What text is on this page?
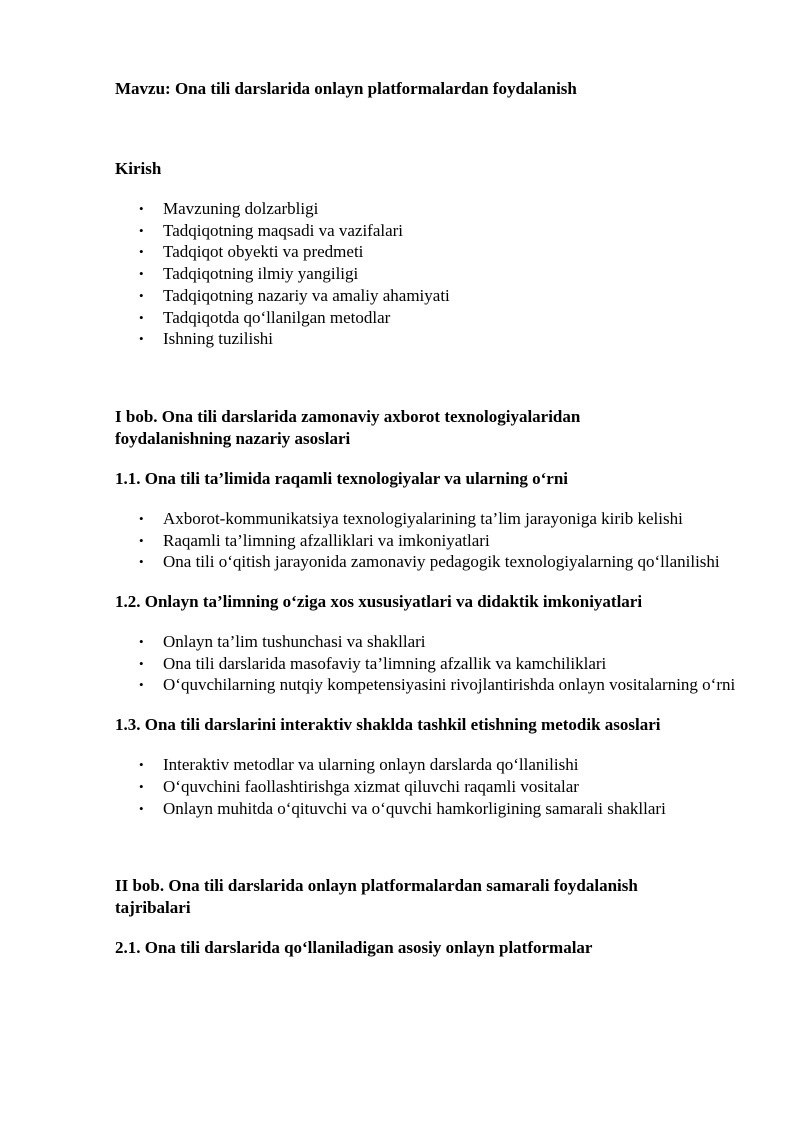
Mavzu: Ona tili darslarida onlayn platformalardan foydalanish

Kirish

• Mavzuning dolzarbligi
• Tadqiqotning maqsadi va vazifalari
• Tadqiqot obyekti va predmeti
• Tadqiqotning ilmiy yangiligi
• Tadqiqotning nazariy va amaliy ahamiyati
• Tadqiqotda qo‘llanilgan metodlar
• Ishning tuzilishi

I bob. Ona tili darslarida zamonaviy axborot texnologiyalaridan foydalanishning nazariy asoslari

1.1. Ona tili ta’limida raqamli texnologiyalar va ularning o‘rni

• Axborot-kommunikatsiya texnologiyalarining ta’lim jarayoniga kirib kelishi
• Raqamli ta’limning afzalliklari va imkoniyatlari
• Ona tili o‘qitish jarayonida zamonaviy pedagogik texnologiyalarning qo‘llanilishi

1.2. Onlayn ta’limning o‘ziga xos xususiyatlari va didaktik imkoniyatlari

• Onlayn ta’lim tushunchasi va shakllari
• Ona tili darslarida masofaviy ta’limning afzallik va kamchiliklari
• O‘quvchilarning nutqiy kompetensiyasini rivojlantirishda onlayn vositalarning o‘rni

1.3. Ona tili darslarini interaktiv shaklda tashkil etishning metodik asoslari

• Interaktiv metodlar va ularning onlayn darslarda qo‘llanilishi
• O‘quvchini faollashtirishga xizmat qiluvchi raqamli vositalar
• Onlayn muhitda o‘qituvchi va o‘quvchi hamkorligining samarali shakllari

II bob. Ona tili darslarida onlayn platformalardan samarali foydalanish tajribalari

2.1. Ona tili darslarida qo‘llaniladigan asosiy onlayn platformalar
